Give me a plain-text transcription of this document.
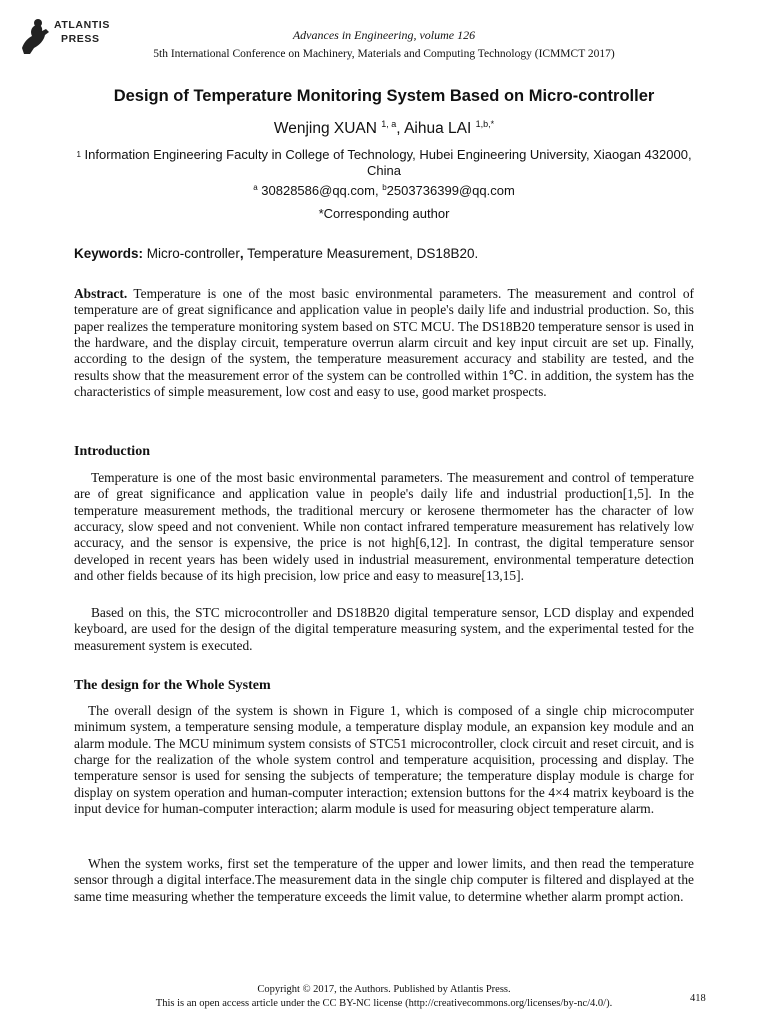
ATLANTIS
PRESS	Advances in Engineering, volume 126
5th International Conference on Machinery, Materials and Computing Technology (ICMMCT 2017)
Design of Temperature Monitoring System Based on Micro-controller
Wenjing XUAN $^{1, a}$, Aihua LAI $^{1,b,*}$
$^1$ Information Engineering Faculty in College of Technology, Hubei Engineering University, Xiaogan 432000, China
$^a$ 30828586@qq.com, $^b$2503736399@qq.com
*Corresponding author
Keywords: Micro-controller, Temperature Measurement, DS18B20.
Abstract. Temperature is one of the most basic environmental parameters. The measurement and control of temperature are of great significance and application value in people's daily life and industrial production. So, this paper realizes the temperature monitoring system based on STC MCU. The DS18B20 temperature sensor is used in the hardware, and the display circuit, temperature overrun alarm circuit and key input circuit are set up. Finally, according to the design of the system, the temperature measurement accuracy and stability are tested, and the results show that the measurement error of the system can be controlled within 1℃. in addition, the system has the characteristics of simple measurement, low cost and easy to use, good market prospects.
Introduction
Temperature is one of the most basic environmental parameters. The measurement and control of temperature are of great significance and application value in people's daily life and industrial production[1,5]. In the temperature measurement methods, the traditional mercury or kerosene thermometer has the character of low accuracy, slow speed and not convenient. While non contact infrared temperature measurement has relatively low accuracy, and the sensor is expensive, the price is not high[6,12]. In contrast, the digital temperature sensor developed in recent years has been widely used in industrial measurement, environmental temperature detection and other fields because of its high precision, low price and easy to measure[13,15].
Based on this, the STC microcontroller and DS18B20 digital temperature sensor, LCD display and expended keyboard, are used for the design of the digital temperature measuring system, and the experimental tested for the measurement system is executed.
The design for the Whole System
The overall design of the system is shown in Figure 1, which is composed of a single chip microcomputer minimum system, a temperature sensing module, a temperature display module, an expansion key module and an alarm module. The MCU minimum system consists of STC51 microcontroller, clock circuit and reset circuit, and is charge for the realization of the whole system control and temperature acquisition, processing and display. The temperature sensor is used for sensing the subjects of temperature; the temperature display module is charge for display on system operation and human-computer interaction; extension buttons for the 4×4 matrix keyboard is the input device for human-computer interaction; alarm module is used for measuring object temperature alarm.
When the system works, first set the temperature of the upper and lower limits, and then read the temperature sensor through a digital interface.The measurement data in the single chip computer is filtered and displayed at the same time measuring whether the temperature exceeds the limit value, to determine whether alarm prompt action.
Copyright © 2017, the Authors. Published by Atlantis Press.
This is an open access article under the CC BY-NC license (http://creativecommons.org/licenses/by-nc/4.0/).	418
